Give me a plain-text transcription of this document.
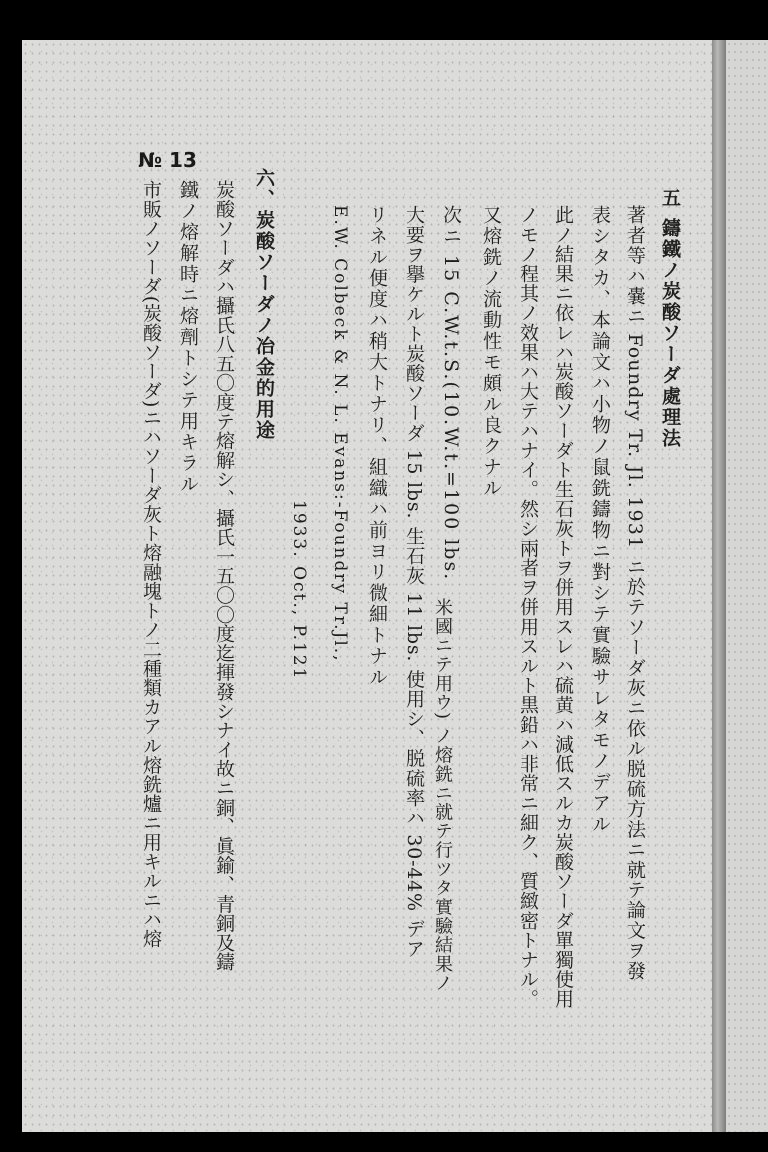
№ 13
五 鑄鐵ノ炭酸ソーダ處理法
著者等ハ嚢ニ Foundry Tr. Jl. 1931 ニ於テソーダ灰ニ依ル脱硫方法ニ就テ論文ヲ發
表シタカ、本論文ハ小物ノ鼠銑鑄物ニ對シテ實驗サレタモノデアル
此ノ結果ニ依レハ炭酸ソーダト生石灰トヲ併用スレハ硫黄ハ減低スルカ炭酸ソーダ單獨使用
ノモノ程其ノ效果ハ大テハナイ。然シ兩者ヲ併用スルト黒鉛ハ非常ニ細ク、質緻密トナル。
又熔銑ノ流動性モ頗ル良クナル
次ニ 15 C.W.t.S.(10.W.t.=100 lbs.
米國ニテ用ウ) ノ熔銑ニ就テ行ツタ實驗結果ノ
大要ヲ擧ケルト炭酸ソーダ 15 lbs. 生石灰 11 lbs. 使用シ、脱硫率ハ 30-44% デア
リネル便度ハ稍大トナリ、組織ハ前ヨリ微細トナル
E.W. Colbeck & N. L. Evans:-Foundry Tr.Jl.,
1933. Oct., P.121
六、炭酸ソーダノ冶金的用途
炭酸ソーダハ攝氏八五〇度テ熔解シ、攝氏一五〇〇度迄揮發シナイ故ニ銅、眞鍮、青銅及鑄
鐵ノ熔解時ニ熔劑トシテ用キラル
市販ノソーダ(炭酸ソーダ)ニハソーダ灰ト熔融塊トノ二種類カアル熔銑爐ニ用キルニハ熔
